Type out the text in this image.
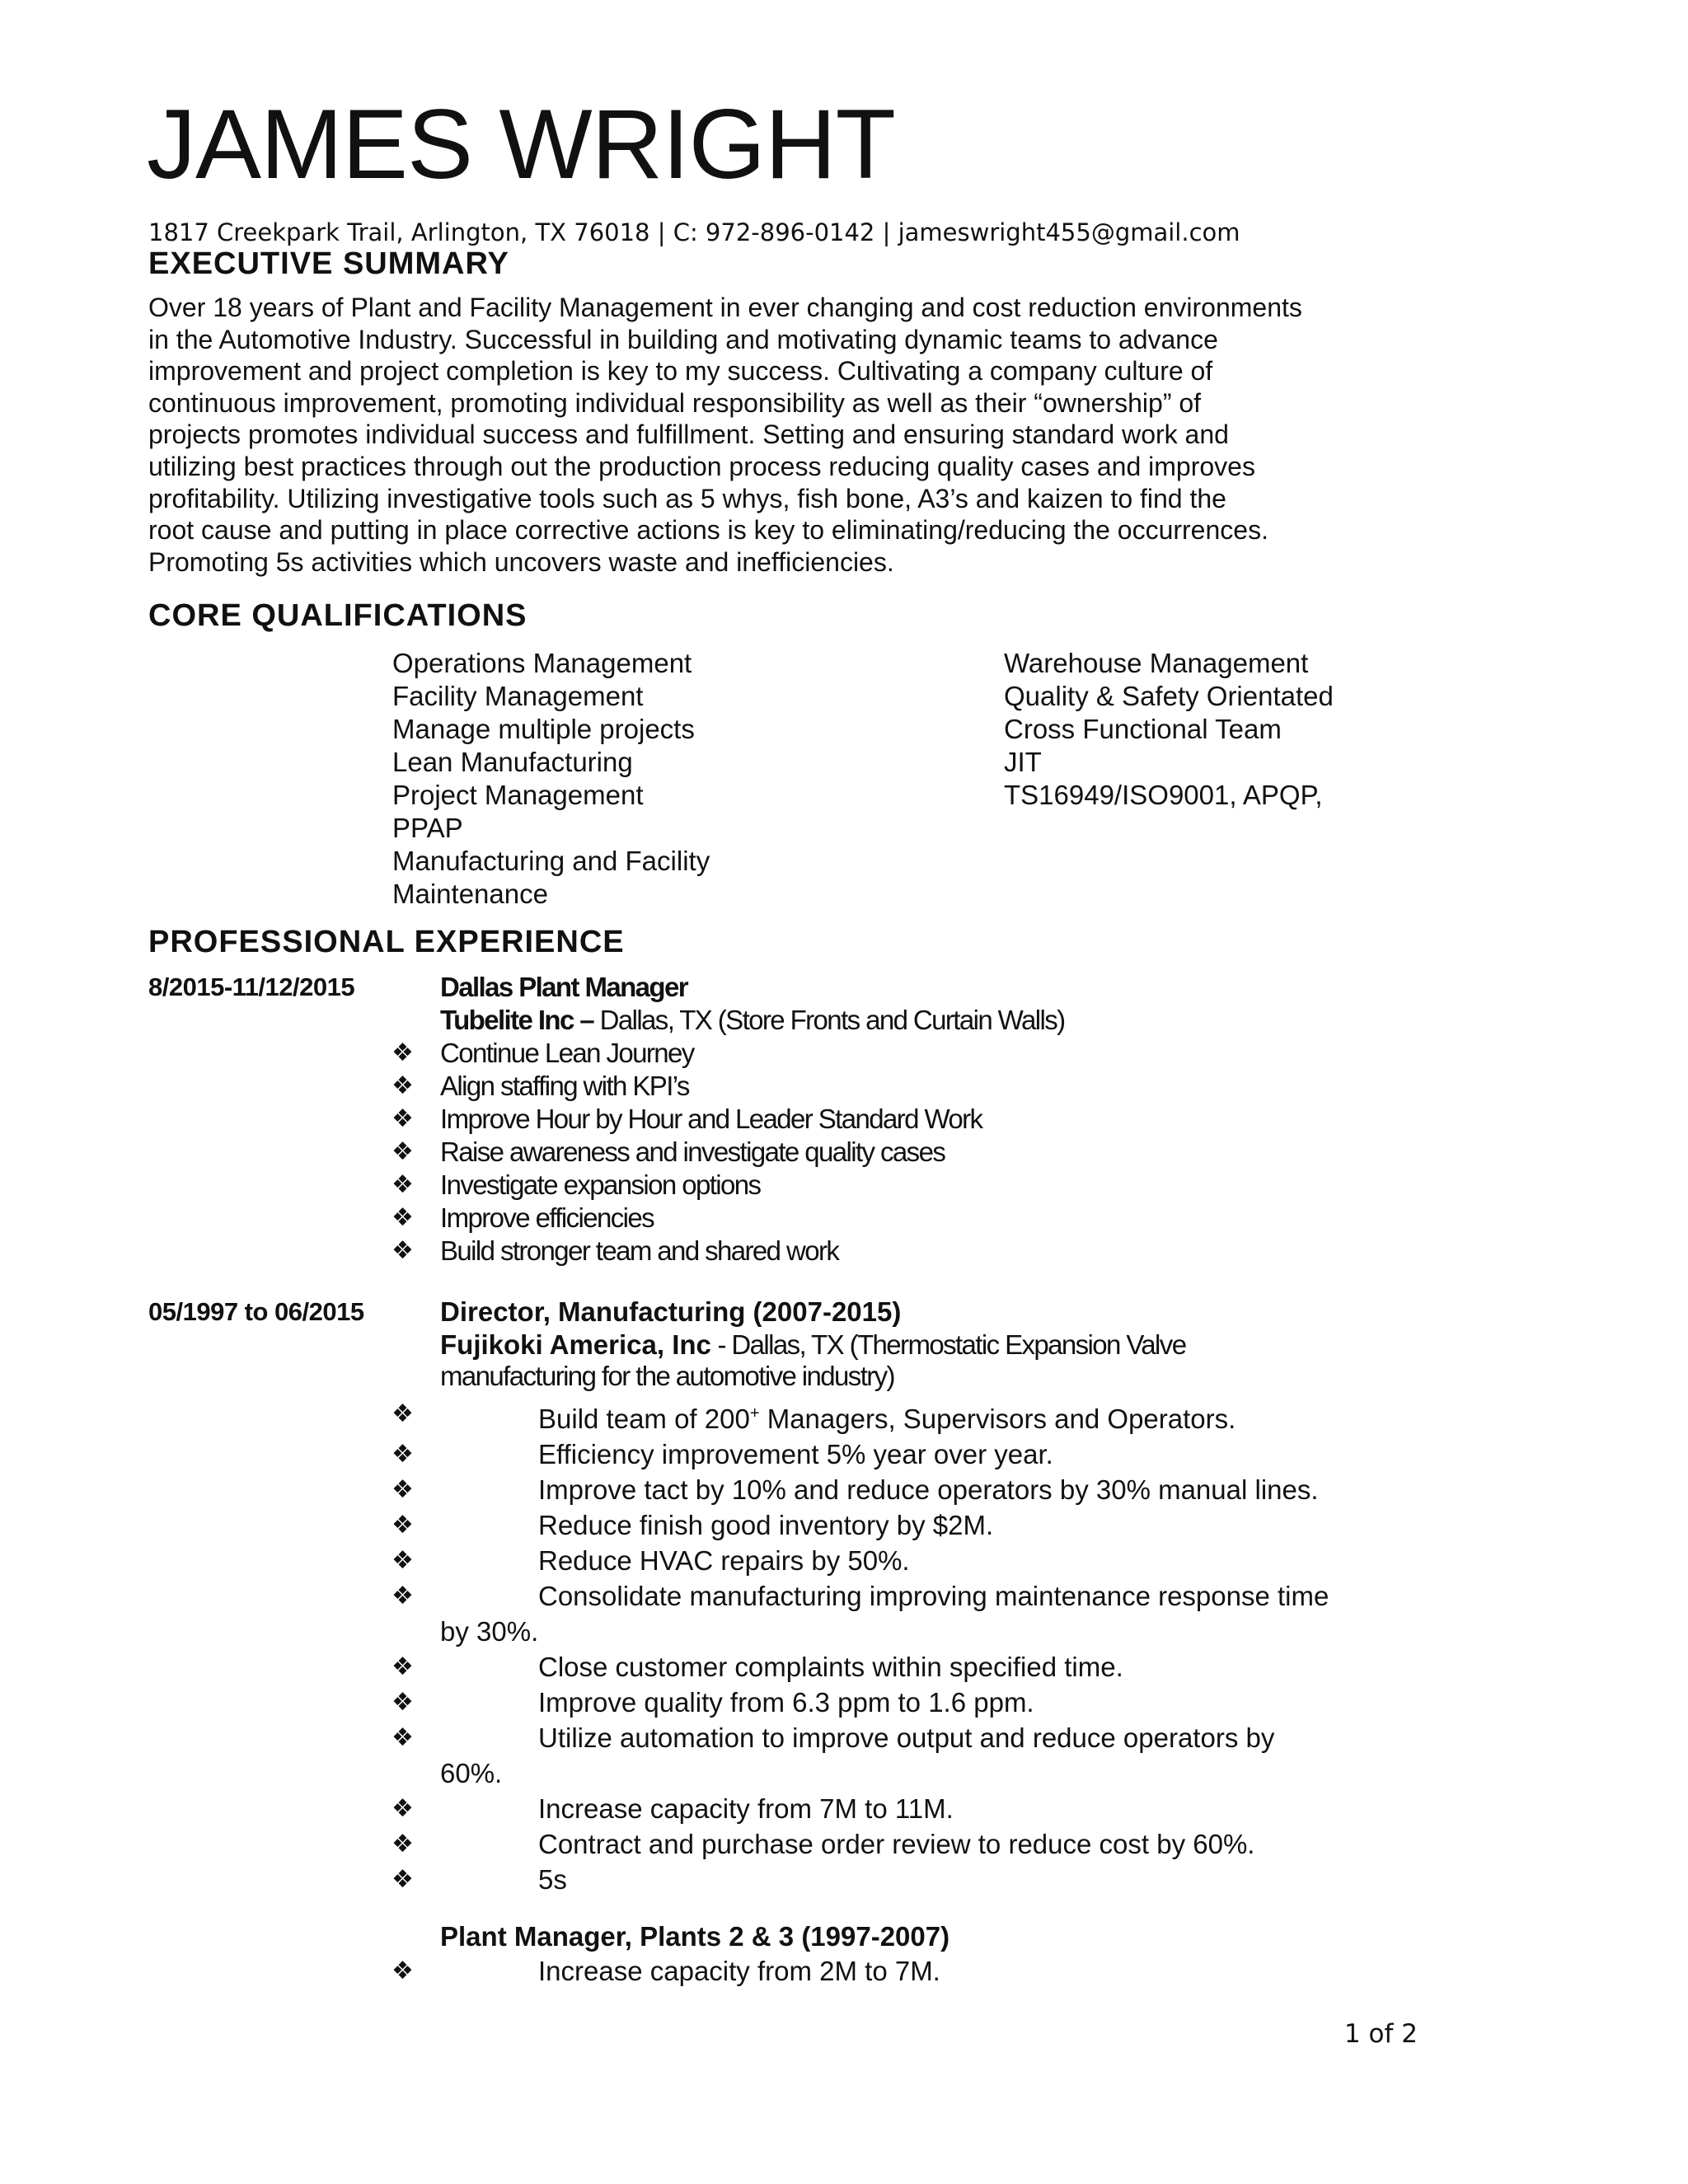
JAMES WRIGHT
1817 Creekpark Trail, Arlington, TX 76018 | C: 972-896-0142 | jameswright455@gmail.com
EXECUTIVE SUMMARY
Over 18 years of Plant and Facility Management in ever changing and cost reduction environments
in the Automotive Industry. Successful in building and motivating dynamic teams to advance
improvement and project completion is key to my success. Cultivating a company culture of
continuous improvement, promoting individual responsibility as well as their “ownership” of
projects promotes individual success and fulfillment. Setting and ensuring standard work and
utilizing best practices through out the production process reducing quality cases and improves
profitability. Utilizing investigative tools such as 5 whys, fish bone, A3’s and kaizen to find the
root cause and putting in place corrective actions is key to eliminating/reducing the occurrences.
Promoting 5s activities which uncovers waste and inefficiencies.
CORE QUALIFICATIONS
Operations Management
Facility Management
Manage multiple projects
Lean Manufacturing
Project Management
PPAP
Manufacturing and Facility
Maintenance
Warehouse Management
Quality & Safety Orientated
Cross Functional Team
JIT
TS16949/ISO9001, APQP,
PROFESSIONAL EXPERIENCE
8/2015-11/12/2015	Dallas Plant Manager
Tubelite Inc – Dallas, TX (Store Fronts and Curtain Walls)
❖ Continue Lean Journey
❖ Align staffing with KPI’s
❖ Improve Hour by Hour and Leader Standard Work
❖ Raise awareness and investigate quality cases
❖ Investigate expansion options
❖ Improve efficiencies
❖ Build stronger team and shared work
05/1997 to 06/2015	Director, Manufacturing (2007-2015)
Fujikoki America, Inc - Dallas, TX (Thermostatic Expansion Valve
manufacturing for the automotive industry)
❖	Build team of 200+ Managers, Supervisors and Operators.
❖	Efficiency improvement 5% year over year.
❖	Improve tact by 10% and reduce operators by 30% manual lines.
❖	Reduce finish good inventory by $2M.
❖	Reduce HVAC repairs by 50%.
❖	Consolidate manufacturing improving maintenance response time
by 30%.
❖	Close customer complaints within specified time.
❖	Improve quality from 6.3 ppm to 1.6 ppm.
❖	Utilize automation to improve output and reduce operators by
60%.
❖	Increase capacity from 7M to 11M.
❖	Contract and purchase order review to reduce cost by 60%.
❖	5s
Plant Manager, Plants 2 & 3 (1997-2007)
❖	Increase capacity from 2M to 7M.
1 of 2
